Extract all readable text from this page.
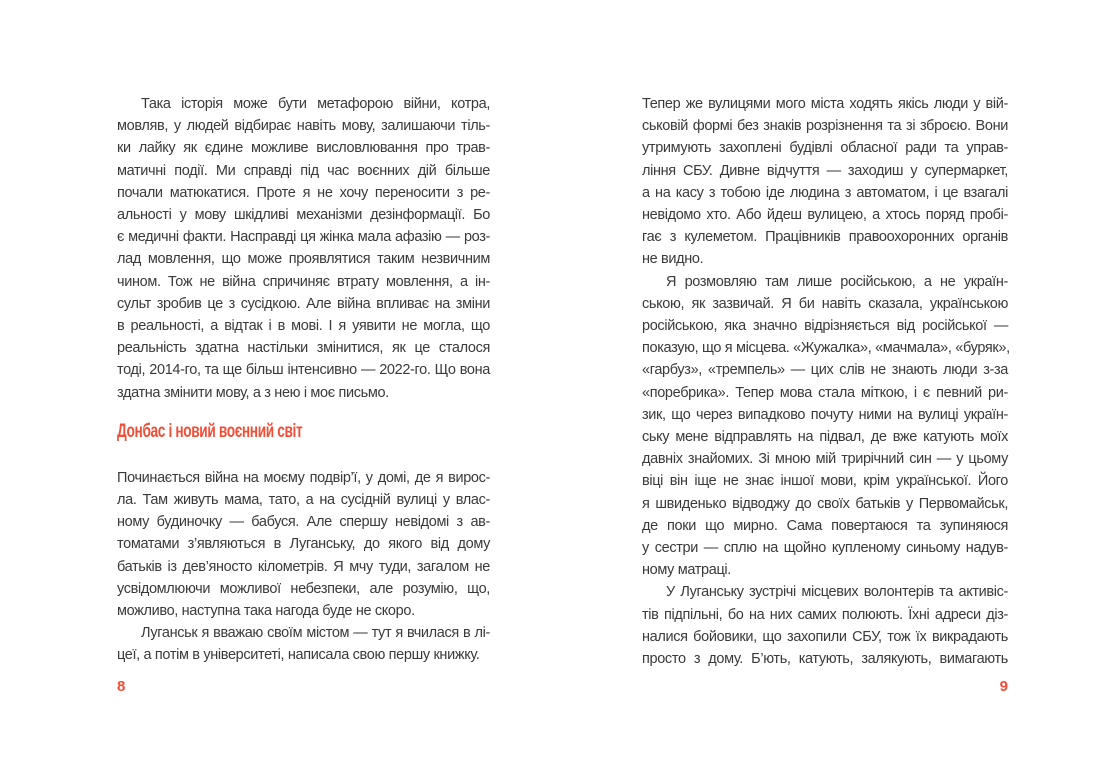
Така історія може бути метафорою війни, котра,
мовляв, у людей відбирає навіть мову, залишаючи тіль-
ки лайку як єдине можливе висловлювання про трав-
матичні події. Ми справді під час воєнних дій більше
почали матюкатися. Проте я не хочу переносити з ре-
альності у мову шкідливі механізми дезінформації. Бо
є медичні факти. Насправді ця жінка мала афазію — роз-
лад мовлення, що може проявлятися таким незвичним
чином. Тож не війна спричиняє втрату мовлення, а ін-
сульт зробив це з сусідкою. Але війна впливає на зміни
в реальності, а відтак і в мові. І я уявити не могла, що
реальність здатна настільки змінитися, як це сталося
тоді, 2014-го, та ще більш інтенсивно — 2022-го. Що вона
здатна змінити мову, а з нею і моє письмо.
Донбас і новий воєнний світ
Починається війна на моєму подвір’ї, у домі, де я вирос-
ла. Там живуть мама, тато, а на сусідній вулиці у влас-
ному будиночку — бабуся. Але спершу невідомі з ав-
томатами з’являються в Луганську, до якого від дому
батьків із дев’яносто кілометрів. Я мчу туди, загалом не
усвідомлюючи можливої небезпеки, але розумію, що,
можливо, наступна така нагода буде не скоро.
Луганськ я вважаю своїм містом — тут я вчилася в лі-
цеї, а потім в університеті, написала свою першу книжку.
Тепер же вулицями мого міста ходять якісь люди у вій-
ськовій формі без знаків розрізнення та зі зброєю. Вони
утримують захоплені будівлі обласної ради та управ-
ління СБУ. Дивне відчуття — заходиш у супермаркет,
а на касу з тобою іде людина з автоматом, і це взагалі
невідомо хто. Або йдеш вулицею, а хтось поряд пробі-
гає з кулеметом. Працівників правоохоронних органів
не видно.
Я розмовляю там лише російською, а не україн-
ською, як зазвичай. Я би навіть сказала, українською
російською, яка значно відрізняється від російської —
показую, що я місцева. «Жужалка», «мачмала», «буряк»,
«гарбуз», «тремпель» — цих слів не знають люди з-за
«поребрика». Тепер мова стала міткою, і є певний ри-
зик, що через випадково почуту ними на вулиці україн-
ську мене відправлять на підвал, де вже катують моїх
давніх знайомих. Зі мною мій трирічний син — у цьому
віці він іще не знає іншої мови, крім української. Його
я швиденько відводжу до своїх батьків у Первомайськ,
де поки що мирно. Сама повертаюся та зупиняюся
у сестри — сплю на щойно купленому синьому надув-
ному матраці.
У Луганську зустрічі місцевих волонтерів та активіс-
тів підпільні, бо на них самих полюють. Їхні адреси діз-
налися бойовики, що захопили СБУ, тож їх викрадають
просто з дому. Б’ють, катують, залякують, вимагають
8	9
